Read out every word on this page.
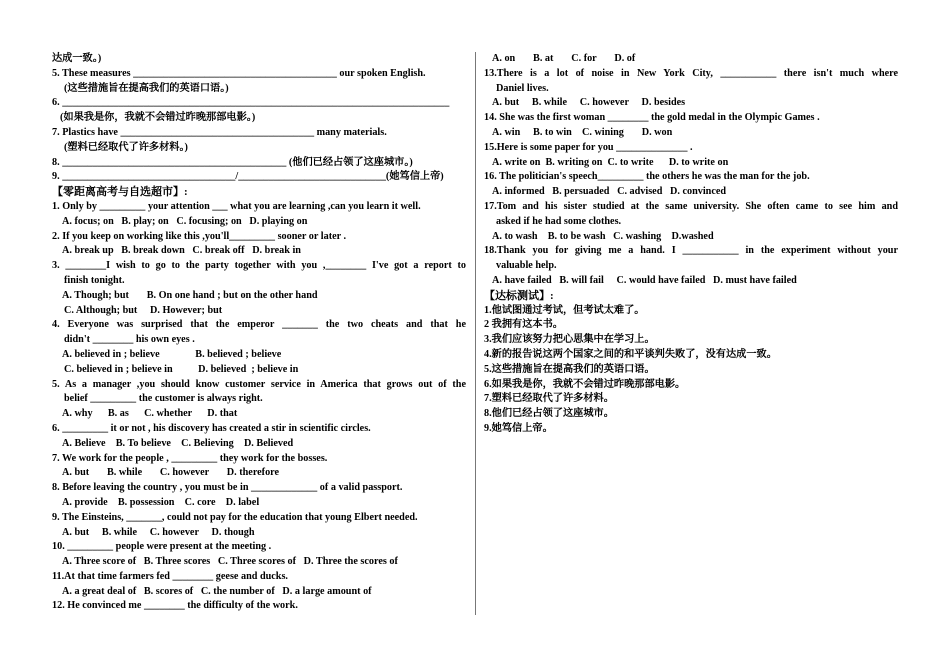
达成一致。)
5. These measures ________________________________________ our spoken English.
(这些措施旨在提高我们的英语口语。)
6. ____________________________________________________________________________
(如果我是你，我就不会错过昨晚那部电影。)
7. Plastics have ______________________________________ many materials.
(塑料已经取代了许多材料。)
8. ____________________________________________ (他们已经占领了这座城市。)
9. __________________________________/_____________________________(她笃信上帝)
【零距离高考与自选超市】:
1. Only by _________ your attention ___ what you are learning ,can you learn it well.
A. focus; on   B. play; on   C. focusing; on   D. playing on
2. If you keep on working like this ,you'll_________ sooner or later .
A. break up   B. break down   C. break off   D. break in
3. ________I wish to go to the party together with you ,________ I've got a report to
finish tonight.
A. Though; but       B. On one hand ; but on the other hand
C. Although; but     D. However; but
4. Everyone was surprised that the emperor _______ the two cheats and that he
didn't ________ his own eyes .
A. believed in ; believe              B. believed ; believe
C. believed in ; believe in          D. believed  ; believe in
5. As a manager ,you should know customer service in America that grows out of the
belief _________ the customer is always right.
A. why      B. as      C. whether      D. that
6. _________ it or not , his discovery has created a stir in scientific circles.
A. Believe    B. To believe    C. Believing    D. Believed
7. We work for the people , _________ they work for the bosses.
A. but       B. while       C. however       D. therefore
8. Before leaving the country , you must be in _____________ of a valid passport.
A. provide    B. possession    C. core    D. label
9. The Einsteins, _______, could not pay for the education that young Elbert needed.
A. but     B. while     C. however     D. though
10. _________ people were present at the meeting .
A. Three score of   B. Three scores   C. Three scores of   D. Three the scores of
11.At that time farmers fed ________ geese and ducks.
A. a great deal of   B. scores of   C. the number of   D. a large amount of
12. He convinced me ________ the difficulty of the work.
A. on       B. at       C. for       D. of
13.There is a lot of noise in New York City, ___________ there isn't much where
Daniel lives.
A. but     B. while     C. however     D. besides
14. She was the first woman ________ the gold medal in the Olympic Games .
A. win     B. to win    C. wining       D. won
15.Here is some paper for you ______________ .
A. write on  B. writing on  C. to write      D. to write on
16. The politician's speech_________ the others he was the man for the job.
A. informed   B. persuaded   C. advised   D. convinced
17.Tom and his sister studied at the same university. She often came to see him and
asked if he had some clothes.
A. to wash    B. to be wash   C. washing    D.washed
18.Thank you for giving me a hand. I ___________ in the experiment without your
valuable help.
A. have failed   B. will fail     C. would have failed   D. must have failed
【达标测试】:
1.他试图通过考试，但考试太难了。
2 我拥有这本书。
3.我们应该努力把心思集中在学习上。
4.新的报告说这两个国家之间的和平谈判失败了，没有达成一致。
5.这些措施旨在提高我们的英语口语。
6.如果我是你，我就不会错过昨晚那部电影。
7.塑料已经取代了许多材料。
8.他们已经占领了这座城市。
9.她笃信上帝。
